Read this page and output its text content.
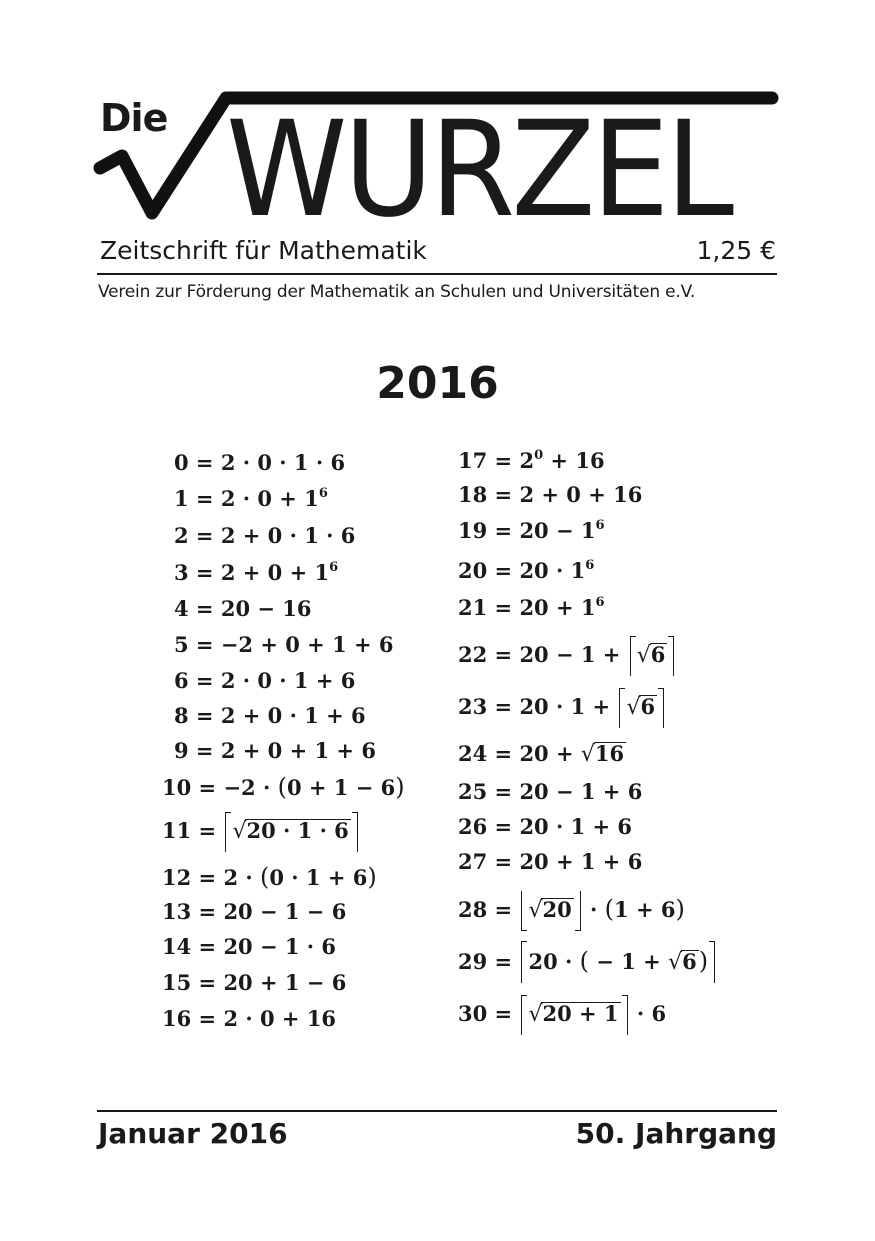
Die WURZEL
Zeitschrift für Mathematik	1,25 €
Verein zur Förderung der Mathematik an Schulen und Universitäten e.V.
2016
0 = 2 · 0 · 1 · 6
$1 = 2 \cdot 0 + 1^6$
2 = 2 + 0 · 1 · 6
$3 = 2 + 0 + 1^6$
4 = 20 − 16
5 = −2 + 0 + 1 + 6
6 = 2 · 0 · 1 + 6
8 = 2 + 0 · 1 + 6
9 = 2 + 0 + 1 + 6
10 = −2 · (0 + 1 − 6)
11 = √20 · 1 · 6
12 = 2 · (0 · 1 + 6)
13 = 20 − 1 − 6
14 = 20 − 1 · 6
15 = 20 + 1 − 6
16 = 2 · 0 + 16
$17 = 2^0 + 16$
18 = 2 + 0 + 16
$19 = 20 - 1^6$
$20 = 20 \cdot 1^6$
$21 = 20 + 1^6$
22 = 20 − 1 + √6
23 = 20 · 1 + √6
24 = 20 + √16
25 = 20 − 1 + 6
26 = 20 · 1 + 6
27 = 20 + 1 + 6
28 = √20 · (1 + 6)
29 = 20 · ( − 1 + √6)
30 = √20 + 1 · 6
Januar 2016	50. Jahrgang
